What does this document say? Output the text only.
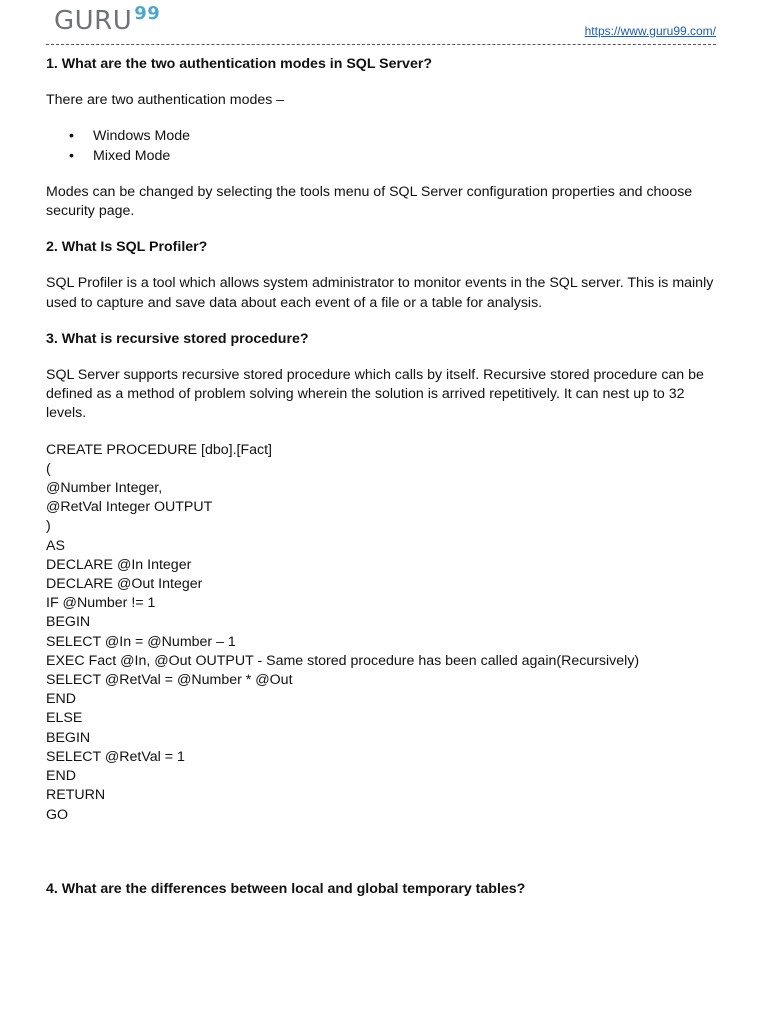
GURU $^{99}$
https://www.guru99.com/

1. What are the two authentication modes in SQL Server?

There are two authentication modes –

• Windows Mode
• Mixed Mode

Modes can be changed by selecting the tools menu of SQL Server configuration properties and choose security page.

2. What Is SQL Profiler?

SQL Profiler is a tool which allows system administrator to monitor events in the SQL server. This is mainly used to capture and save data about each event of a file or a table for analysis.

3. What is recursive stored procedure?

SQL Server supports recursive stored procedure which calls by itself. Recursive stored procedure can be defined as a method of problem solving wherein the solution is arrived repetitively. It can nest up to 32 levels.

CREATE PROCEDURE [dbo].[Fact]
(
@Number Integer,
@RetVal Integer OUTPUT
)
AS
DECLARE @In Integer
DECLARE @Out Integer
IF @Number != 1
BEGIN
SELECT @In = @Number – 1
EXEC Fact @In, @Out OUTPUT - Same stored procedure has been called again(Recursively)
SELECT @RetVal = @Number * @Out
END
ELSE
BEGIN
SELECT @RetVal = 1
END
RETURN
GO

4. What are the differences between local and global temporary tables?
